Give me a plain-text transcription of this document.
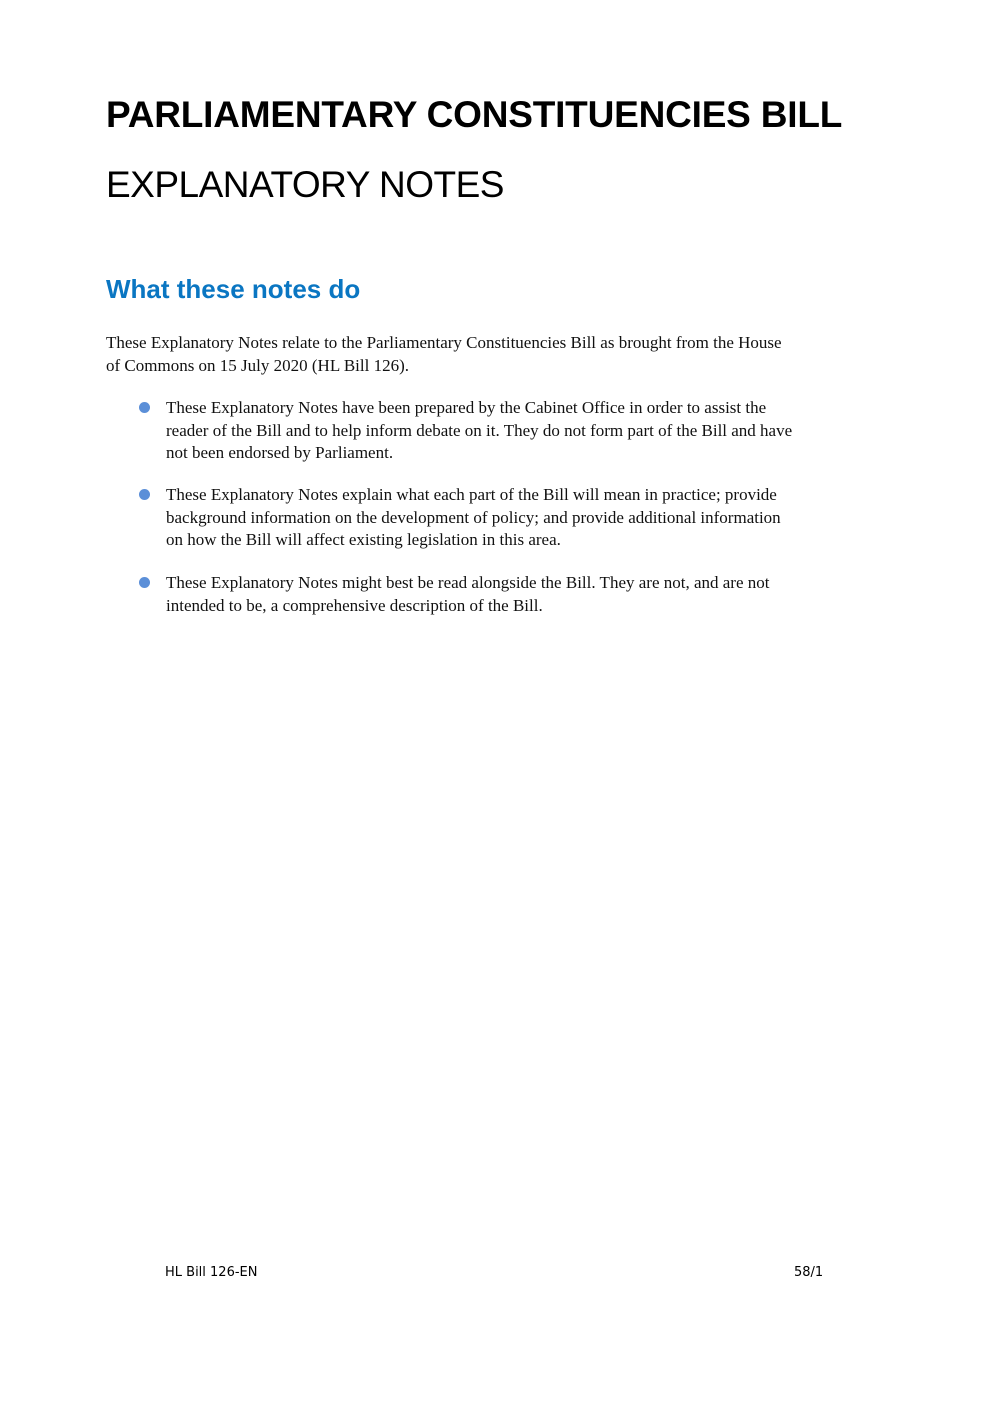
PARLIAMENTARY CONSTITUENCIES BILL
EXPLANATORY NOTES
What these notes do
These Explanatory Notes relate to the Parliamentary Constituencies Bill as brought from the House
of Commons on 15 July 2020 (HL Bill 126).
These Explanatory Notes have been prepared by the Cabinet Office in order to assist the
reader of the Bill and to help inform debate on it. They do not form part of the Bill and have
not been endorsed by Parliament.
These Explanatory Notes explain what each part of the Bill will mean in practice; provide
background information on the development of policy; and provide additional information
on how the Bill will affect existing legislation in this area.
These Explanatory Notes might best be read alongside the Bill. They are not, and are not
intended to be, a comprehensive description of the Bill.
HL Bill 126-EN	58/1
